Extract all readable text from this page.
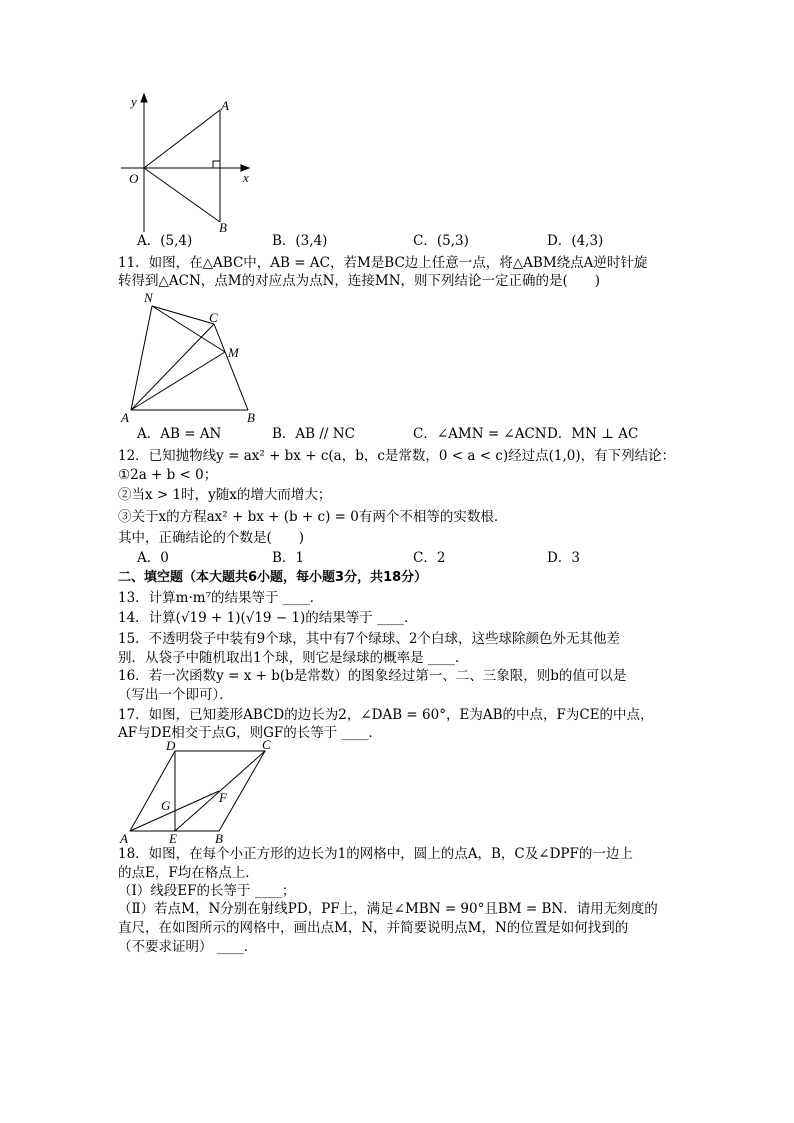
y
x
O
A
B
A．(5,4)	B．(3,4)	C．(5,3)	D．(4,3)
11．如图，在△ABC中，AB = AC，若M是BC边上任意一点，将△ABM绕点A逆时针旋
转得到△ACN，点M的对应点为点N，连接MN，则下列结论一定正确的是(　　)
N
C
M
A	B
A．AB = AN	B．AB // NC	C．∠AMN = ∠ACN D．MN ⊥ AC
12．已知抛物线y = ax² + bx + c(a，b，c是常数，0 < a < c)经过点(1,0)，有下列结论：
①2a + b < 0；
②当x > 1时，y随x的增大而增大；
③关于x的方程ax² + bx + (b + c) = 0有两个不相等的实数根．
其中，正确结论的个数是(　　)
A．0	B．1	C．2	D．3
二、填空题（本大题共6小题，每小题3分，共18分）
13．计算m·m⁷的结果等于 ____．
14．计算(√19 + 1)(√19 − 1)的结果等于 ____．
15．不透明袋子中装有9个球，其中有7个绿球、2个白球，这些球除颜色外无其他差
别．从袋子中随机取出1个球，则它是绿球的概率是 ____．
16．若一次函数y = x + b(b是常数）的图象经过第一、二、三象限，则b的值可以是
（写出一个即可）．
17．如图，已知菱形ABCD的边长为2，∠DAB = 60°，E为AB的中点，F为CE的中点，
AF与DE相交于点G，则GF的长等于 ____．
D	C
G
F
A	E	B
18．如图，在每个小正方形的边长为1的网格中，圆上的点A，B，C及∠DPF的一边上
的点E，F均在格点上．
（Ⅰ）线段EF的长等于 ____；
（Ⅱ）若点M，N分别在射线PD，PF上，满足∠MBN = 90°且BM = BN．请用无刻度的
直尺，在如图所示的网格中，画出点M，N，并简要说明点M，N的位置是如何找到的
（不要求证明） ____．
